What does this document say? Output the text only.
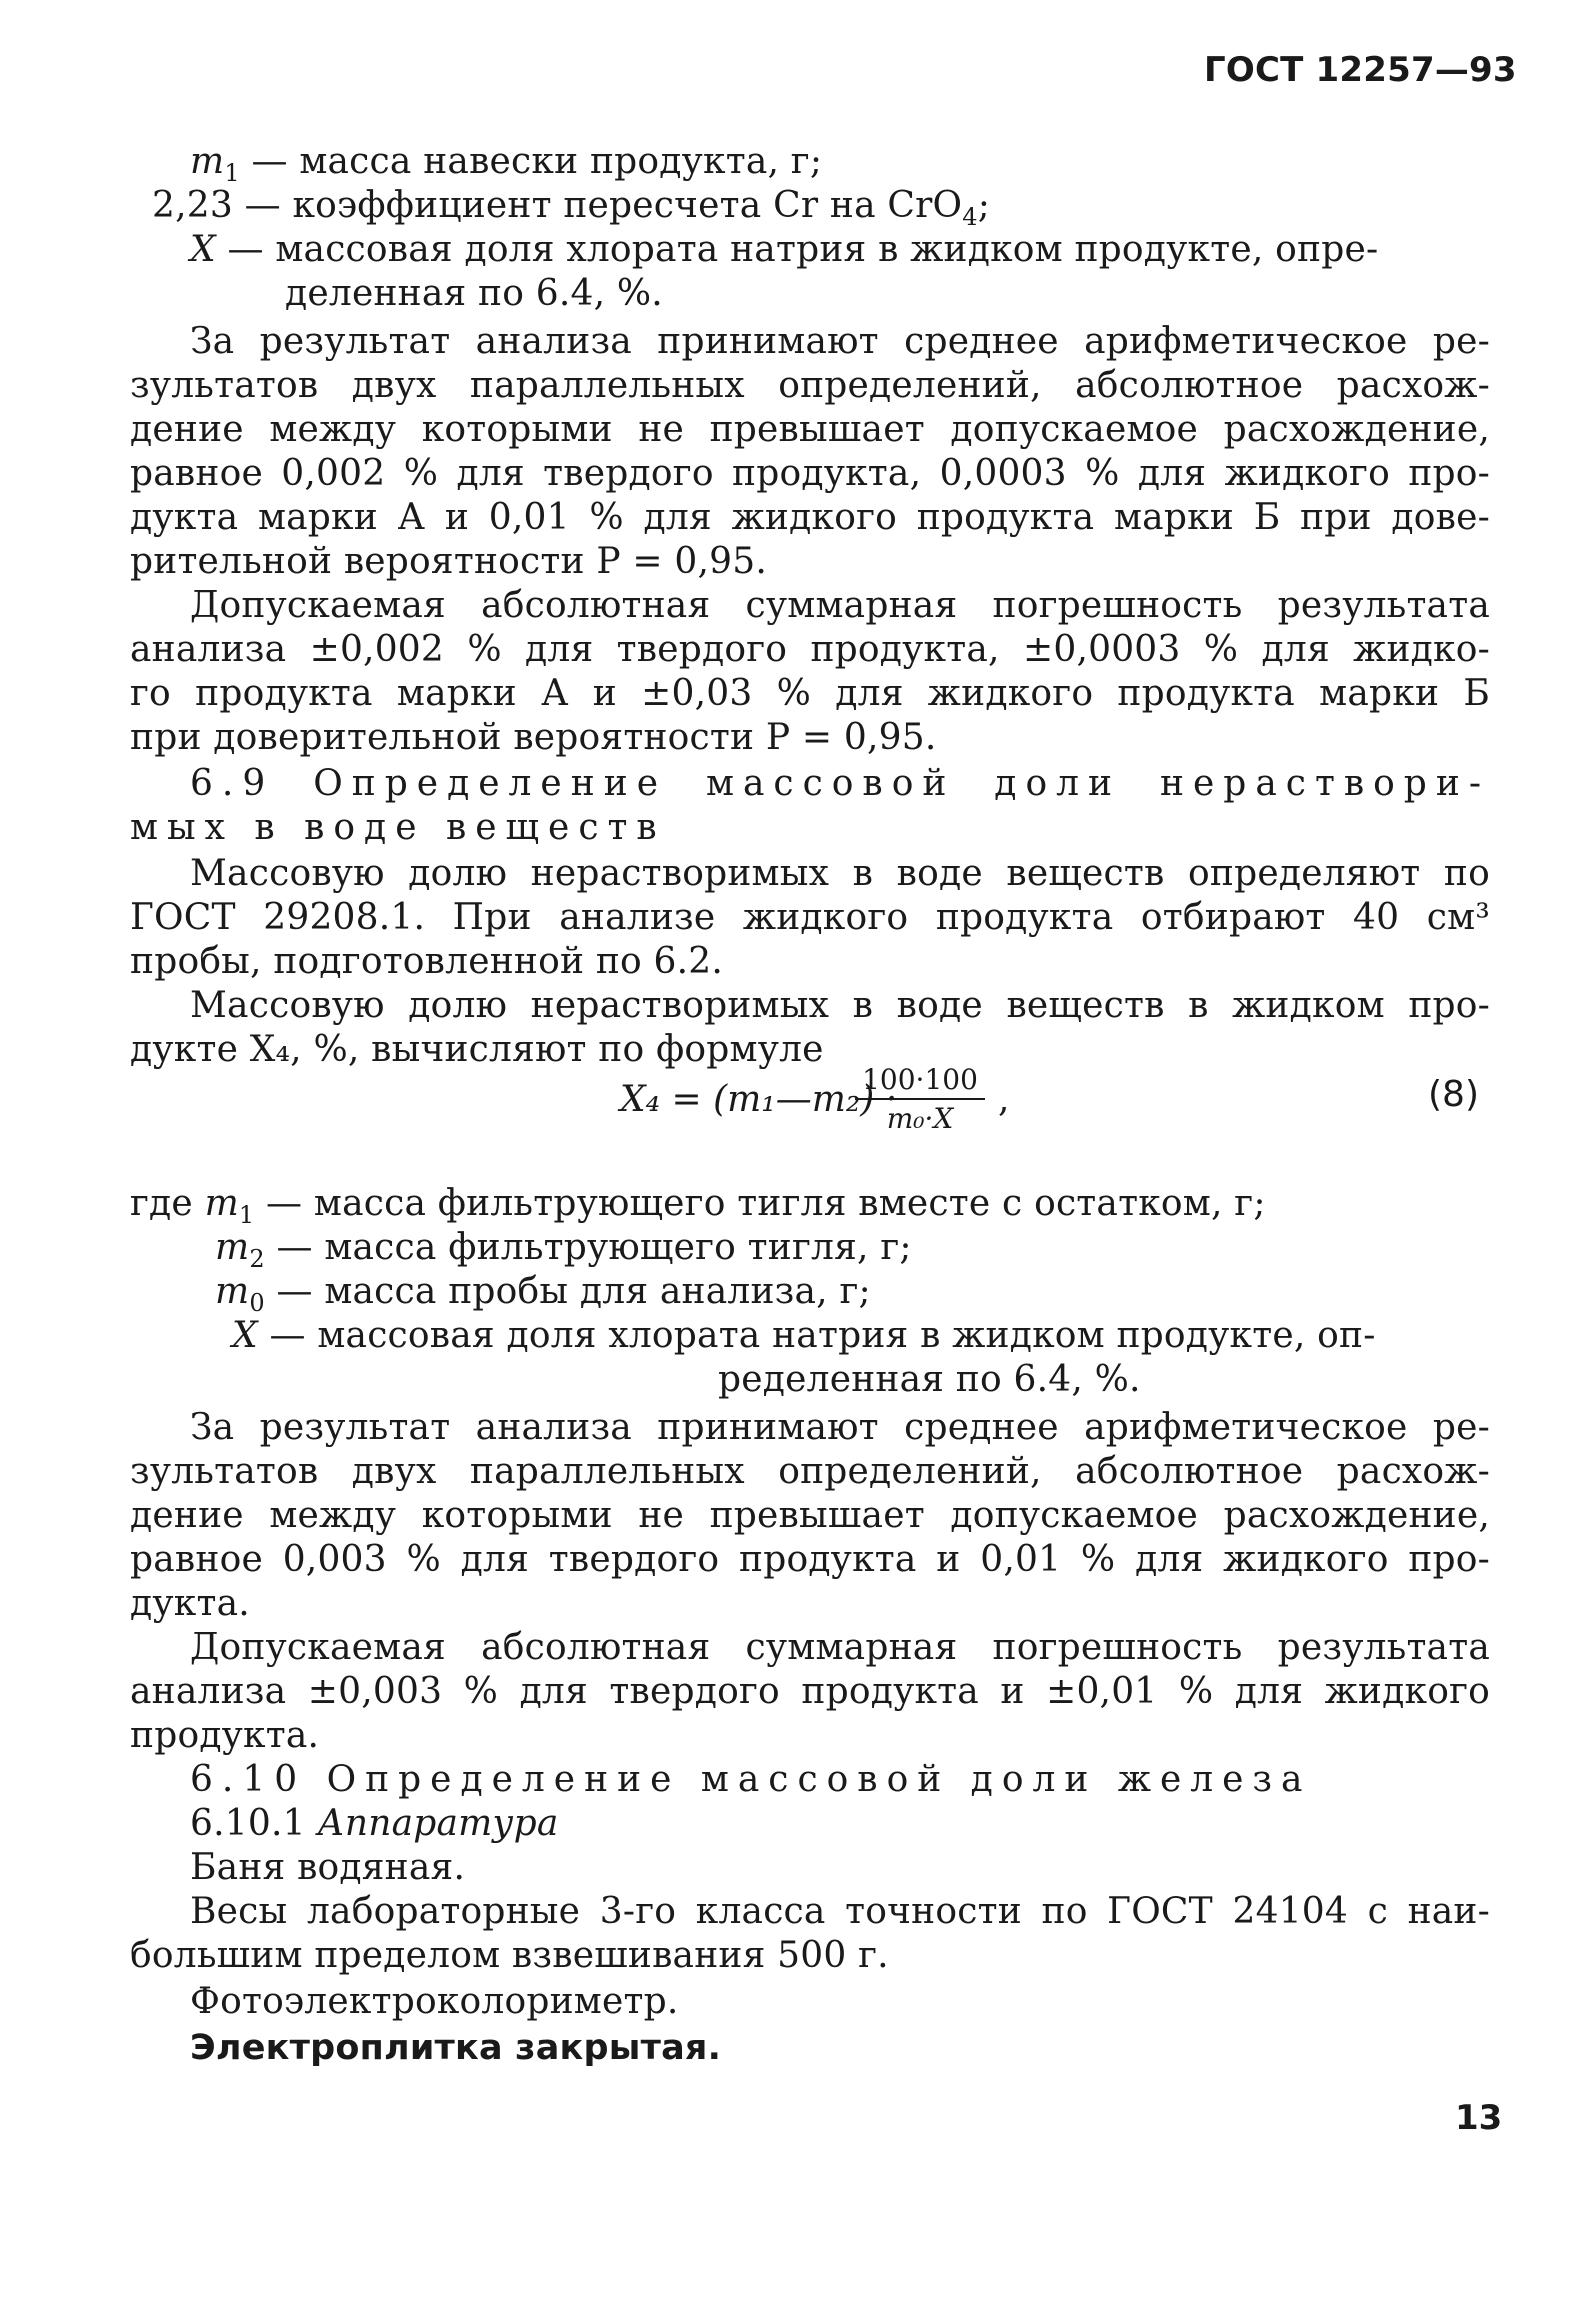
ГОСТ 12257—93
$m_1$ — масса навески продукта, г;
2,23 — коэффициент пересчета Cr на CrO$_4$;
X — массовая доля хлората натрия в жидком продукте, опре-
деленная по 6.4, %.
За результат анализа принимают среднее арифметическое ре-
зультатов двух параллельных определений, абсолютное расхож-
дение между которыми не превышает допускаемое расхождение,
равное 0,002 % для твердого продукта, 0,0003 % для жидкого про-
дукта марки А и 0,01 % для жидкого продукта марки Б при дове-
рительной вероятности P = 0,95.
Допускаемая абсолютная суммарная погрешность результата
анализа ±0,002 % для твердого продукта, ±0,0003 % для жидко-
го продукта марки А и ±0,03 % для жидкого продукта марки Б
при доверительной вероятности P = 0,95.
6.9 Определение массовой доли нераствори-
мых в воде веществ
Массовую долю нерастворимых в воде веществ определяют по
ГОСТ 29208.1. При анализе жидкого продукта отбирают 40 см³
пробы, подготовленной по 6.2.
Массовую долю нерастворимых в воде веществ в жидком про-
дукте X₄, %, вычисляют по формуле
X₄ = (m₁—m₂) ·
$\frac{100\cdot 100}{\text{m₀·X}}$ ,	(8)
где $m_1$ — масса фильтрующего тигля вместе с остатком, г;
$m_2$ — масса фильтрующего тигля, г;
$m_0$ — масса пробы для анализа, г;
X — массовая доля хлората натрия в жидком продукте, оп-
ределенная по 6.4, %.
За результат анализа принимают среднее арифметическое ре-
зультатов двух параллельных определений, абсолютное расхож-
дение между которыми не превышает допускаемое расхождение,
равное 0,003 % для твердого продукта и 0,01 % для жидкого про-
дукта.
Допускаемая абсолютная суммарная погрешность результата
анализа ±0,003 % для твердого продукта и ±0,01 % для жидкого
продукта.
6.10 Определение массовой доли железа
6.10.1 Аппаратура
Баня водяная.
Весы лабораторные 3-го класса точности по ГОСТ 24104 с наи-
большим пределом взвешивания 500 г.
Фотоэлектроколориметр.
Электроплитка закрытая.
13
